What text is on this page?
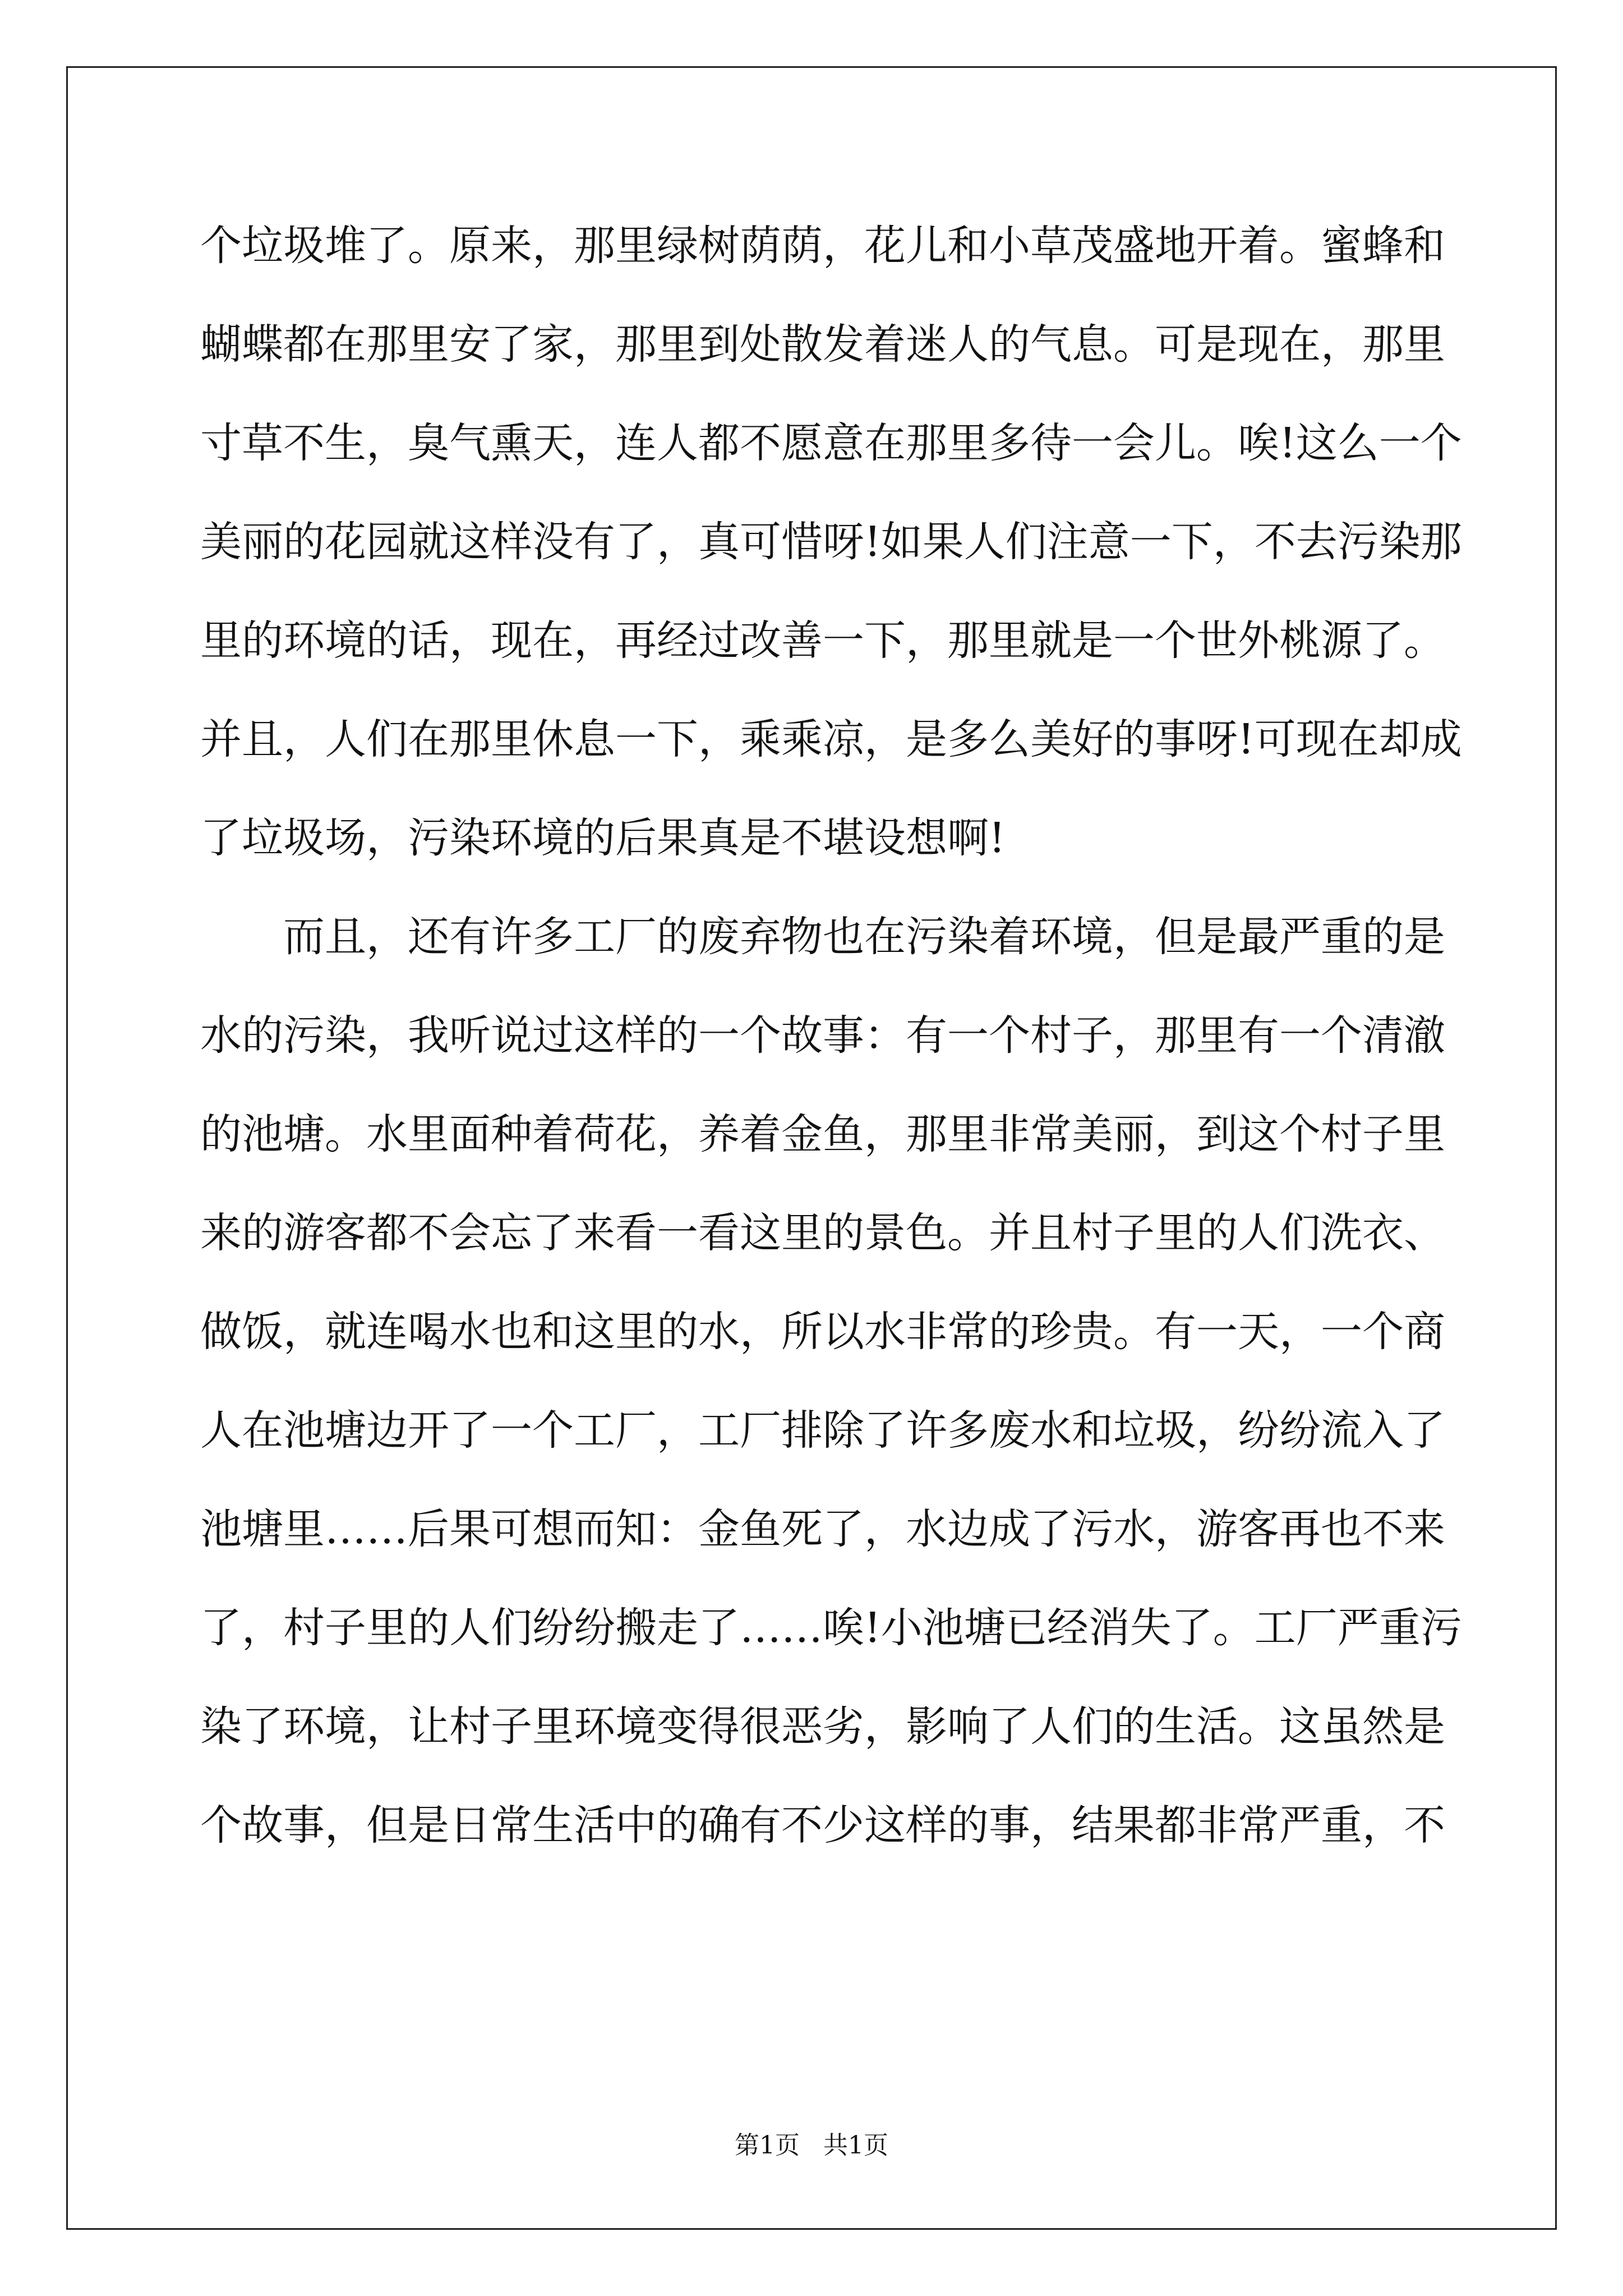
个垃圾堆了。原来，那里绿树荫荫，花儿和小草茂盛地开着。蜜蜂和
蝴蝶都在那里安了家，那里到处散发着迷人的气息。可是现在，那里
寸草不生，臭气熏天，连人都不愿意在那里多待一会儿。唉!这么一个
美丽的花园就这样没有了，真可惜呀!如果人们注意一下，不去污染那
里的环境的话，现在，再经过改善一下，那里就是一个世外桃源了。
并且，人们在那里休息一下，乘乘凉，是多么美好的事呀!可现在却成
了垃圾场，污染环境的后果真是不堪设想啊!
而且，还有许多工厂的废弃物也在污染着环境，但是最严重的是
水的污染，我听说过这样的一个故事：有一个村子，那里有一个清澈
的池塘。水里面种着荷花，养着金鱼，那里非常美丽，到这个村子里
来的游客都不会忘了来看一看这里的景色。并且村子里的人们洗衣、
做饭，就连喝水也和这里的水，所以水非常的珍贵。有一天，一个商
人在池塘边开了一个工厂，工厂排除了许多废水和垃圾，纷纷流入了
池塘里……后果可想而知：金鱼死了，水边成了污水，游客再也不来
了，村子里的人们纷纷搬走了……唉!小池塘已经消失了。工厂严重污
染了环境，让村子里环境变得很恶劣，影响了人们的生活。这虽然是
个故事，但是日常生活中的确有不少这样的事，结果都非常严重，不
第1页   共1页
